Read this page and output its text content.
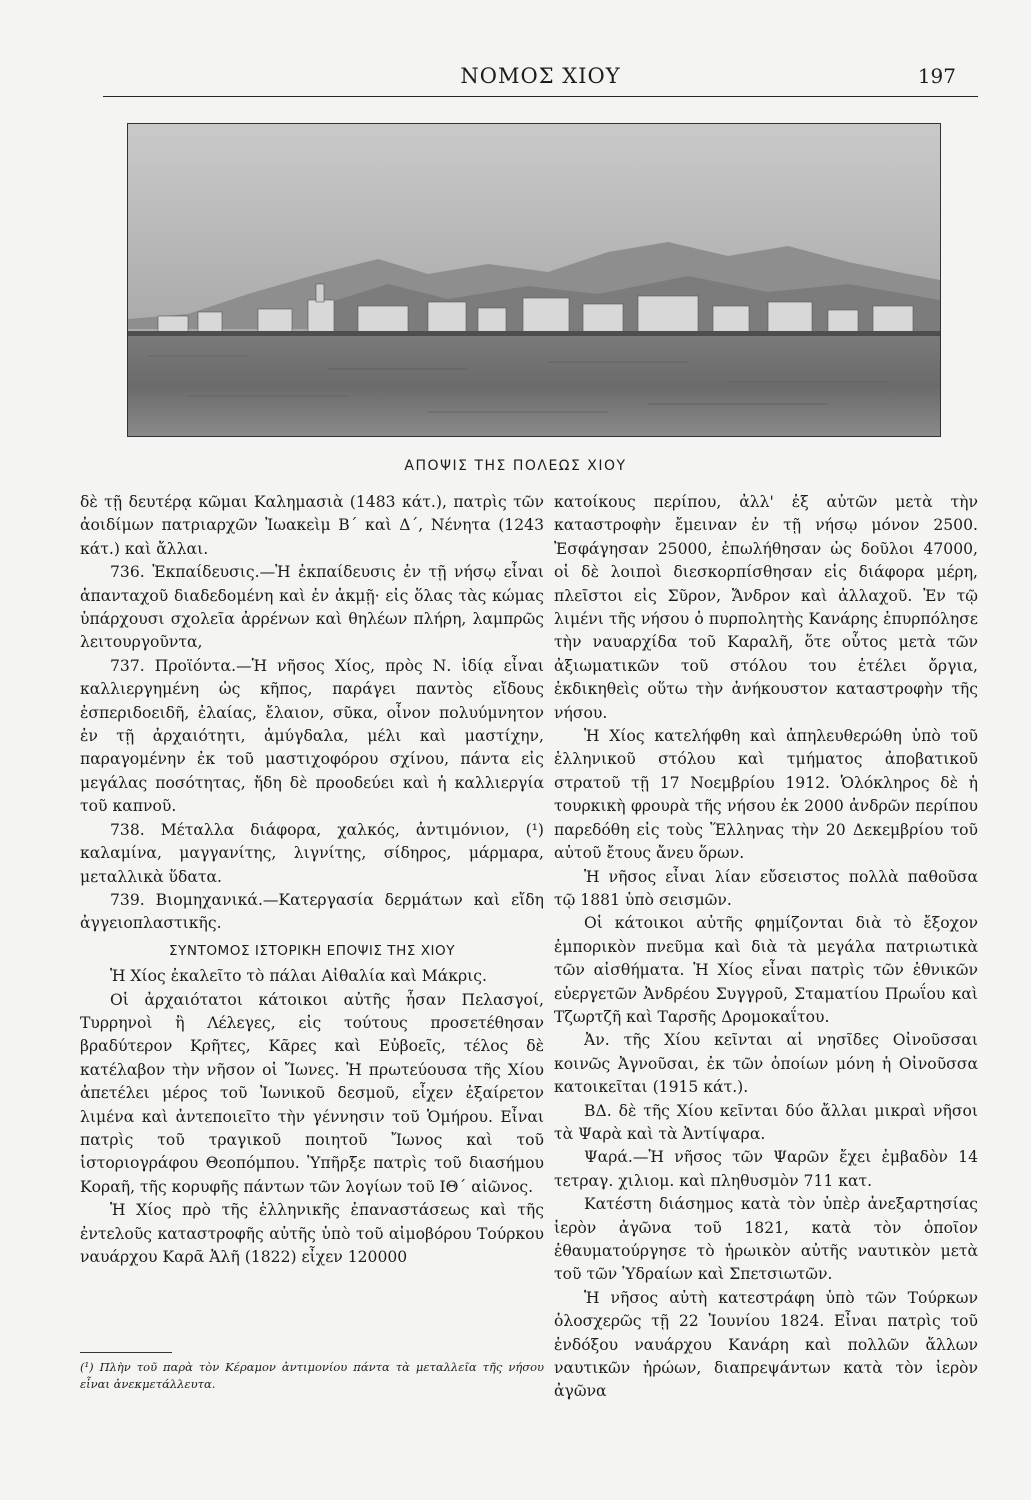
ΝΟΜΟΣ ΧΙΟΥ	197
ΑΠΟΨΙΣ ΤΗΣ ΠΟΛΕΩΣ ΧΙΟΥ

δὲ τῇ δευτέρᾳ κῶμαι Καλημασιὰ (1483 κάτ.), πατρὶς τῶν ἀοιδίμων πατριαρχῶν Ἰωακεὶμ Β΄ καὶ Δ΄, Νένητα (1243 κάτ.) καὶ ἄλλαι.

736. Ἐκπαίδευσις.—Ἡ ἐκπαίδευσις ἐν τῇ νήσῳ εἶναι ἁπανταχοῦ διαδεδομένη καὶ ἐν ἀκμῇ· εἰς ὅλας τὰς κώμας ὑπάρχουσι σχολεῖα ἀρρένων καὶ θηλέων πλήρη, λαμπρῶς λειτουργοῦντα,

737. Προϊόντα.—Ἡ νῆσος Χίος, πρὸς Ν. ἰδίᾳ εἶναι καλλιεργημένη ὡς κῆπος, παράγει παντὸς εἴδους ἐσπεριδοειδῆ, ἐλαίας, ἔλαιον, σῦκα, οἶνον πολυύμνητον ἐν τῇ ἀρχαιότητι, ἀμύγδαλα, μέλι καὶ μαστίχην, παραγομένην ἐκ τοῦ μαστιχοφόρου σχίνου, πάντα εἰς μεγάλας ποσότητας, ἤδη δὲ προοδεύει καὶ ἡ καλλιεργία τοῦ καπνοῦ.

738. Μέταλλα διάφορα, χαλκός, ἀντιμόνιον, (¹) καλαμίνα, μαγγανίτης, λιγνίτης, σίδηρος, μάρμαρα, μεταλλικὰ ὕδατα.

739. Βιομηχανικά.—Κατεργασία δερμάτων καὶ εἴδη ἀγγειοπλαστικῆς.

ΣΥΝΤΟΜΟΣ ΙΣΤΟΡΙΚΗ ΕΠΟΨΙΣ ΤΗΣ ΧΙΟΥ

Ἡ Χίος ἐκαλεῖτο τὸ πάλαι Αἰθαλία καὶ Μάκρις.

Οἱ ἀρχαιότατοι κάτοικοι αὐτῆς ἦσαν Πελασγοί, Τυρρηνοὶ ἢ Λέλεγες, εἰς τούτους προσετέθησαν βραδύτερον Κρῆτες, Κᾶρες καὶ Εὐβοεῖς, τέλος δὲ κατέλαβον τὴν νῆσον οἱ Ἴωνες. Ἡ πρωτεύουσα τῆς Χίου ἀπετέλει μέρος τοῦ Ἰωνικοῦ δεσμοῦ, εἶχεν ἐξαίρετον λιμένα καὶ ἀντεποιεῖτο τὴν γέννησιν τοῦ Ὁμήρου. Εἶναι πατρὶς τοῦ τραγικοῦ ποιητοῦ Ἴωνος καὶ τοῦ ἱστοριογράφου Θεοπόμπου. Ὑπῆρξε πατρὶς τοῦ διασήμου Κοραῆ, τῆς κορυφῆς πάντων τῶν λογίων τοῦ ΙΘ΄ αἰῶνος.

Ἡ Χίος πρὸ τῆς ἑλληνικῆς ἐπαναστάσεως καὶ τῆς ἐντελοῦς καταστροφῆς αὐτῆς ὑπὸ τοῦ αἱμοβόρου Τούρκου ναυάρχου Καρᾶ Ἀλῆ (1822) εἶχεν 120000

κατοίκους περίπου, ἀλλ' ἐξ αὐτῶν μετὰ τὴν καταστροφὴν ἔμειναν ἐν τῇ νήσῳ μόνον 2500. Ἐσφάγησαν 25000, ἐπωλήθησαν ὡς δοῦλοι 47000, οἱ δὲ λοιποὶ διεσκορπίσθησαν εἰς διάφορα μέρη, πλεῖστοι εἰς Σῦρον, Ἄνδρον καὶ ἀλλαχοῦ. Ἐν τῷ λιμένι τῆς νήσου ὁ πυρπολητὴς Κανάρης ἐπυρπόλησε τὴν ναυαρχίδα τοῦ Καραλῆ, ὅτε οὗτος μετὰ τῶν ἀξιωματικῶν τοῦ στόλου του ἐτέλει ὄργια, ἐκδικηθεὶς οὕτω τὴν ἀνήκουστον καταστροφὴν τῆς νήσου.

Ἡ Χίος κατελήφθη καὶ ἀπηλευθερώθη ὑπὸ τοῦ ἑλληνικοῦ στόλου καὶ τμήματος ἀποβατικοῦ στρατοῦ τῇ 17 Νοεμβρίου 1912. Ὁλόκληρος δὲ ἡ τουρκικὴ φρουρὰ τῆς νήσου ἐκ 2000 ἀνδρῶν περίπου παρεδόθη εἰς τοὺς Ἕλληνας τὴν 20 Δεκεμβρίου τοῦ αὐτοῦ ἔτους ἄνευ ὅρων.

Ἡ νῆσος εἶναι λίαν εὔσειστος πολλὰ παθοῦσα τῷ 1881 ὑπὸ σεισμῶν.

Οἱ κάτοικοι αὐτῆς φημίζονται διὰ τὸ ἔξοχον ἐμπορικὸν πνεῦμα καὶ διὰ τὰ μεγάλα πατριωτικὰ τῶν αἰσθήματα. Ἡ Χίος εἶναι πατρὶς τῶν ἐθνικῶν εὐεργετῶν Ἀνδρέου Συγγροῦ, Σταματίου Πρωΐου καὶ Τζωρτζῆ καὶ Ταρσῆς Δρομοκαΐτου.

Ἀν. τῆς Χίου κεῖνται αἱ νησῖδες Οἰνοῦσσαι κοινῶς Ἀγνοῦσαι, ἐκ τῶν ὁποίων μόνη ἡ Οἰνοῦσσα κατοικεῖται (1915 κάτ.).

ΒΔ. δὲ τῆς Χίου κεῖνται δύο ἄλλαι μικραὶ νῆσοι τὰ Ψαρὰ καὶ τὰ Ἀντίψαρα.

Ψαρά.—Ἡ νῆσος τῶν Ψαρῶν ἔχει ἐμβαδὸν 14 τετραγ. χιλιομ. καὶ πληθυσμὸν 711 κατ.

Κατέστη διάσημος κατὰ τὸν ὑπὲρ ἀνεξαρτησίας ἱερὸν ἀγῶνα τοῦ 1821, κατὰ τὸν ὁποῖον ἐθαυματούργησε τὸ ἡρωικὸν αὐτῆς ναυτικὸν μετὰ τοῦ τῶν Ὑδραίων καὶ Σπετσιωτῶν.

Ἡ νῆσος αὐτὴ κατεστράφη ὑπὸ τῶν Τούρκων ὁλοσχερῶς τῇ 22 Ἰουνίου 1824. Εἶναι πατρὶς τοῦ ἐνδόξου ναυάρχου Κανάρη καὶ πολλῶν ἄλλων ναυτικῶν ἡρώων, διαπρεψάντων κατὰ τὸν ἱερὸν ἀγῶνα

(¹) Πλὴν τοῦ παρὰ τὸν Κέραμον ἀντιμονίου πάντα τὰ μεταλλεῖα τῆς νήσου εἶναι ἀνεκμετάλλευτα.
